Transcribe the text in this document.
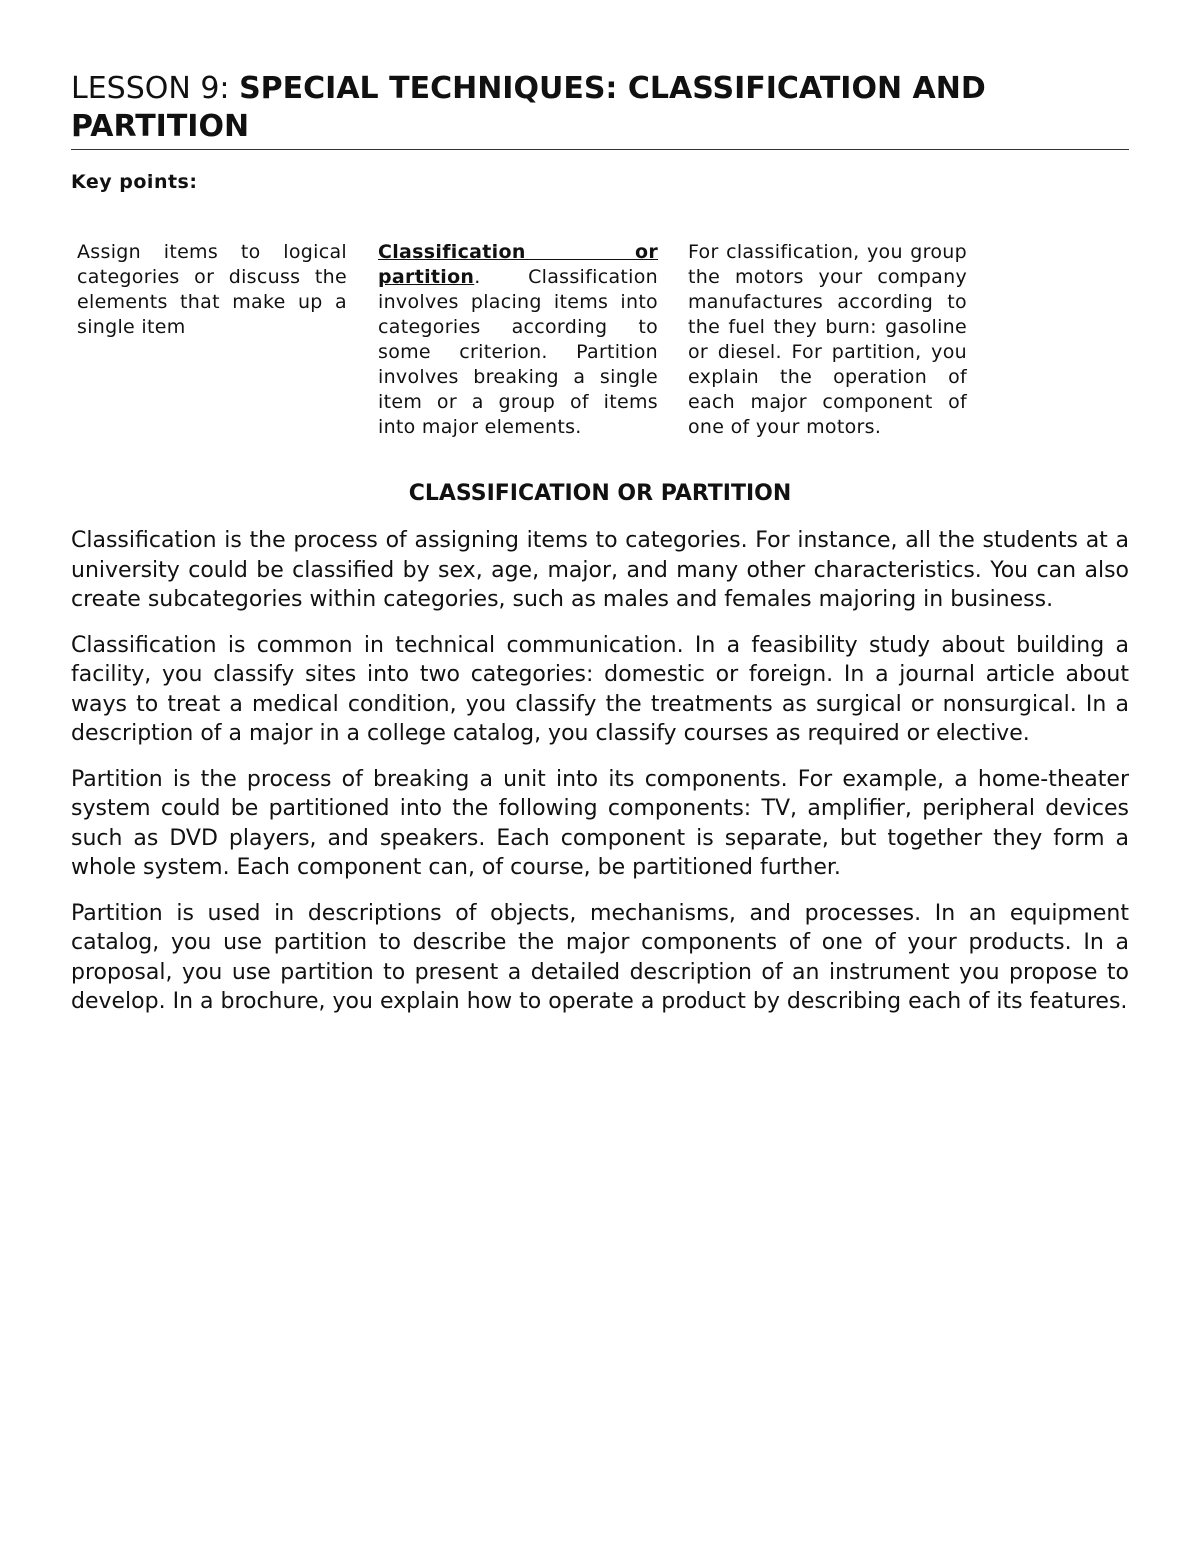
LESSON 9: SPECIAL TECHNIQUES: CLASSIFICATION AND PARTITION

Key points:

Assign items to logical categories or discuss the elements that make up a single item
Classification or partition. Classification involves placing items into categories according to some criterion. Partition involves breaking a single item or a group of items into major elements.
For classification, you group the motors your company manufactures according to the fuel they burn: gasoline or diesel. For partition, you explain the operation of each major component of one of your motors.
CLASSIFICATION OR PARTITION

Classification is the process of assigning items to categories. For instance, all the students at a university could be classified by sex, age, major, and many other characteristics. You can also create subcategories within categories, such as males and females majoring in business.

Classification is common in technical communication. In a feasibility study about building a facility, you classify sites into two categories: domestic or foreign. In a journal article about ways to treat a medical condition, you classify the treatments as surgical or nonsurgical. In a description of a major in a college catalog, you classify courses as required or elective.

Partition is the process of breaking a unit into its components. For example, a home-theater system could be partitioned into the following components: TV, amplifier, peripheral devices such as DVD players, and speakers. Each component is separate, but together they form a whole system. Each component can, of course, be partitioned further.

Partition is used in descriptions of objects, mechanisms, and processes. In an equipment catalog, you use partition to describe the major components of one of your products. In a proposal, you use partition to present a detailed description of an instrument you propose to develop. In a brochure, you explain how to operate a product by describing each of its features.
